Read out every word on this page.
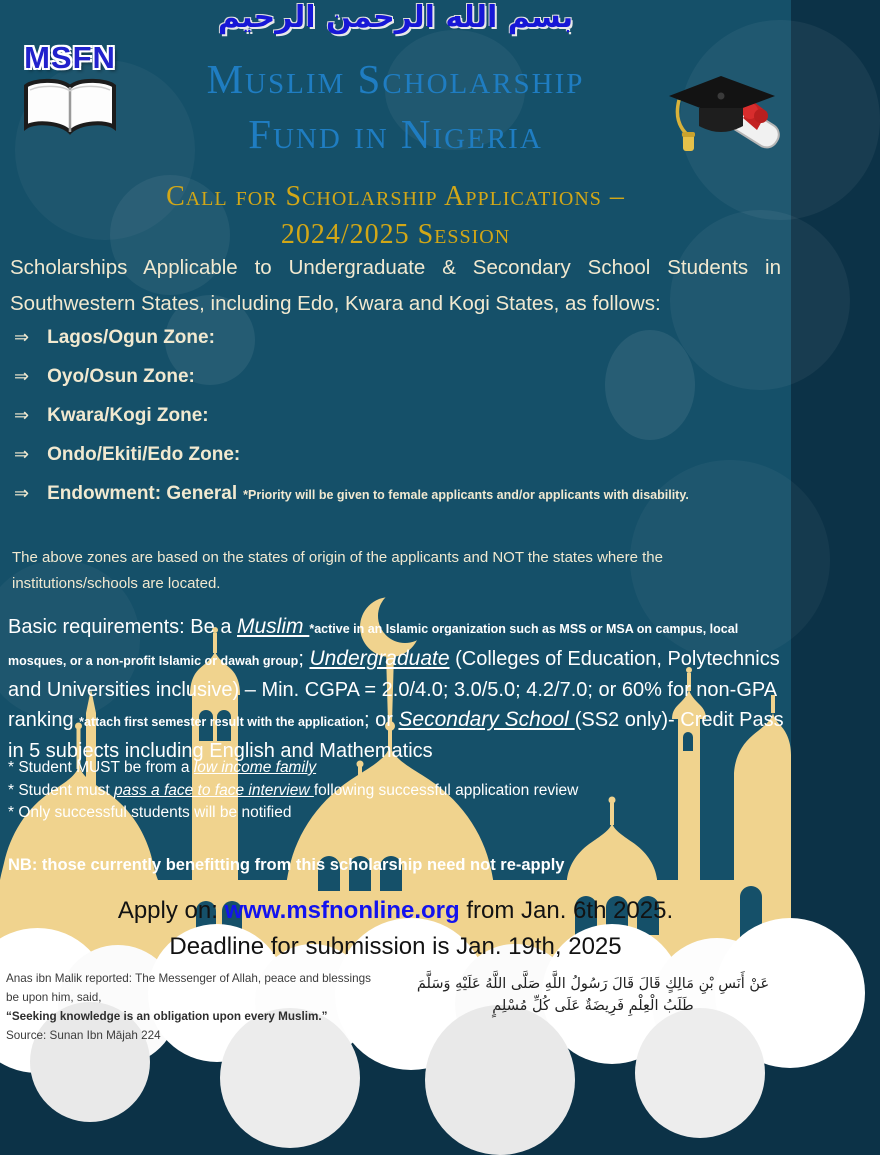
بسم الله الرحمن الرحيم
MSFN	Muslim Scholarship
Fund in Nigeria
Call for Scholarship Applications –
2024/2025 Session
Scholarships Applicable to Undergraduate & Secondary School Students in Southwestern States, including Edo, Kwara and Kogi States, as follows:
⇒ Lagos/Ogun Zone:
⇒ Oyo/Osun Zone:
⇒ Kwara/Kogi Zone:
⇒ Ondo/Ekiti/Edo Zone:
⇒ Endowment: General *Priority will be given to female applicants and/or applicants with disability.
The above zones are based on the states of origin of the applicants and NOT the states where the institutions/schools are located.
Basic requirements: Be a Muslim *active in an Islamic organization such as MSS or MSA on campus, local mosques, or a non-profit Islamic or dawah group; Undergraduate (Colleges of Education, Polytechnics and Universities inclusive) – Min. CGPA = 2.0/4.0; 3.0/5.0; 4.2/7.0; or 60% for non-GPA ranking *attach first semester result with the application; or Secondary School (SS2 only)- Credit Pass in 5 subjects including English and Mathematics
* Student MUST be from a low income family
* Student must pass a face to face interview following successful application review
* Only successful students will be notified
NB: those currently benefitting from this scholarship need not re-apply
Apply on: www.msfnonline.org from Jan. 6th 2025.
Deadline for submission is Jan. 19th, 2025
Anas ibn Malik reported: The Messenger of Allah, peace and blessings be upon him, said,
“Seeking knowledge is an obligation upon every Muslim.”
Source: Sunan Ibn Mājah 224
عَنْ أَنَسِ بْنِ مَالِكٍ قَالَ قَالَ رَسُولُ اللَّهِ صَلَّى اللَّهُ عَلَيْهِ وَسَلَّمَ طَلَبُ الْعِلْمِ فَرِيضَةٌ عَلَى كُلِّ مُسْلِمٍ
